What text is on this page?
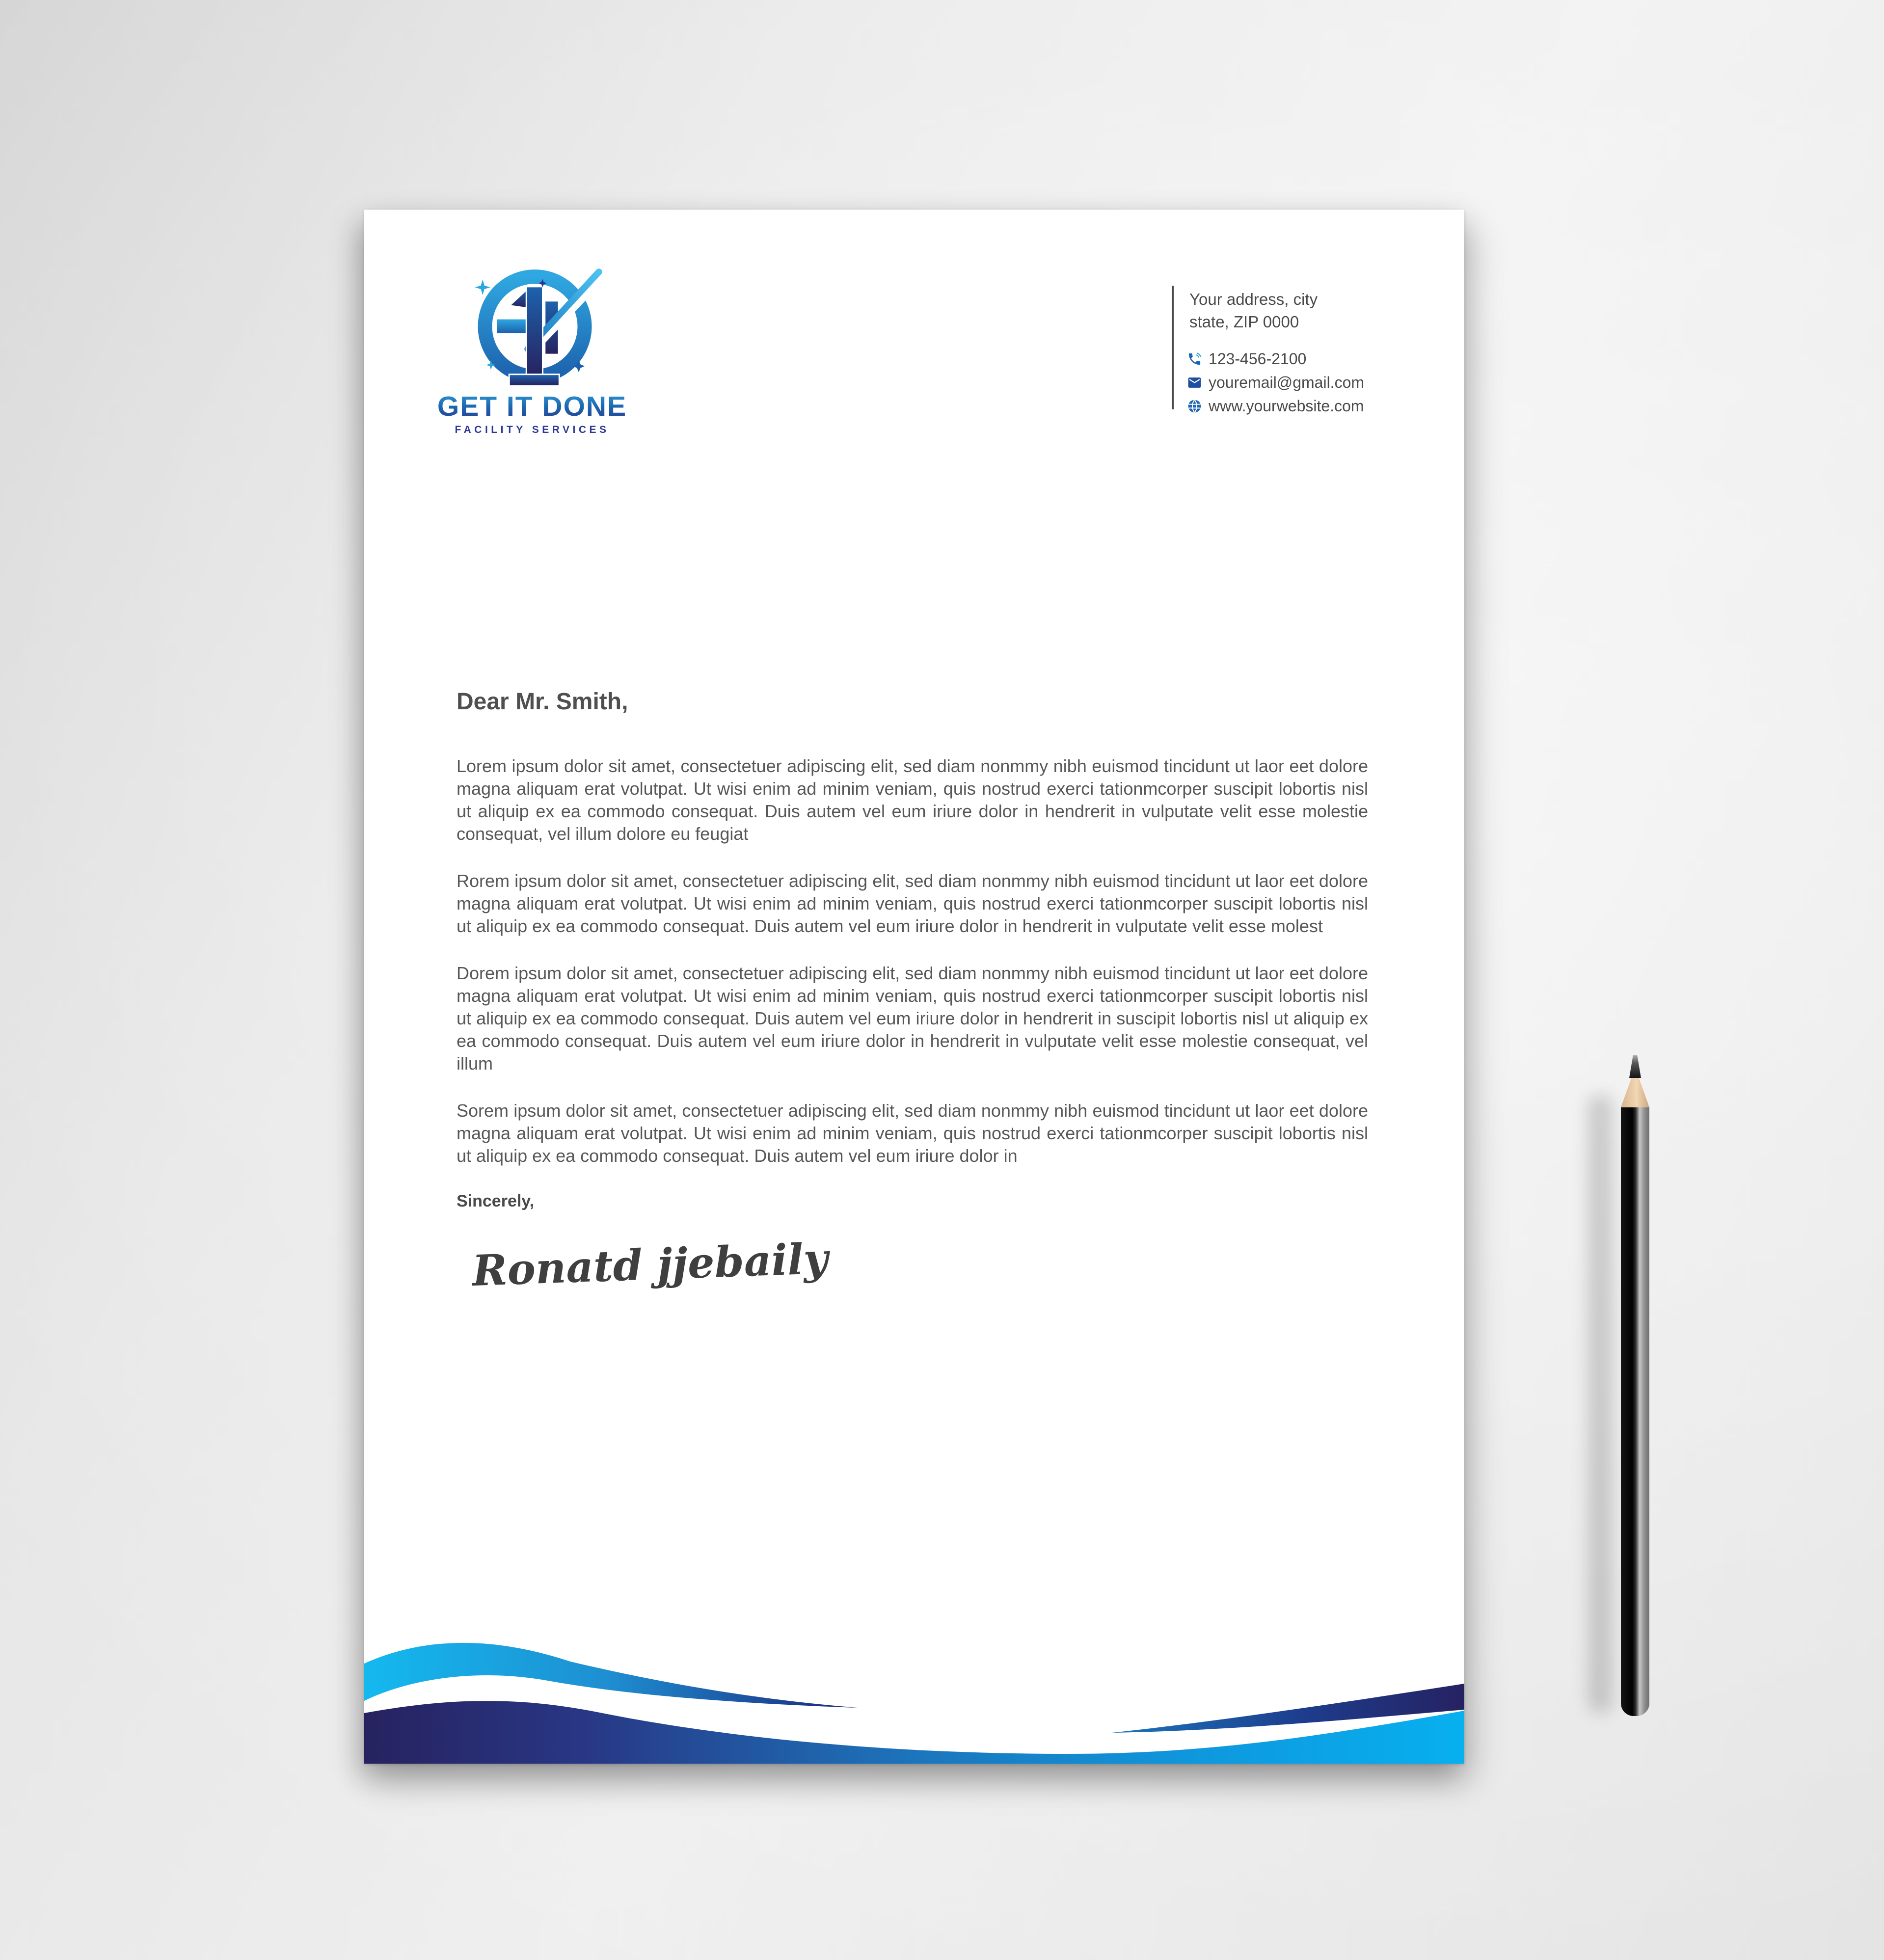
GET IT DONE
FACILITY SERVICES
Your address, city
state, ZIP 0000
123-456-2100
youremail@gmail.com
www.yourwebsite.com
Dear Mr. Smith,

Lorem ipsum dolor sit amet, consectetuer adipiscing elit, sed diam nonmmy nibh euismod tincidunt ut laor eet dolore magna aliquam erat volutpat. Ut wisi enim ad minim veniam, quis nostrud exerci tationmcorper suscipit lobortis nisl ut aliquip ex ea commodo consequat. Duis autem vel eum iriure dolor in hendrerit in vulputate velit esse molestie consequat, vel illum dolore eu feugiat

Rorem ipsum dolor sit amet, consectetuer adipiscing elit, sed diam nonmmy nibh euismod tincidunt ut laor eet dolore magna aliquam erat volutpat. Ut wisi enim ad minim veniam, quis nostrud exerci tationmcorper suscipit lobortis nisl ut aliquip ex ea commodo consequat. Duis autem vel eum iriure dolor in hendrerit in vulputate velit esse molest

Dorem ipsum dolor sit amet, consectetuer adipiscing elit, sed diam nonmmy nibh euismod tincidunt ut laor eet dolore magna aliquam erat volutpat. Ut wisi enim ad minim veniam, quis nostrud exerci tationmcorper suscipit lobortis nisl ut aliquip ex ea commodo consequat. Duis autem vel eum iriure dolor in hendrerit in suscipit lobortis nisl ut aliquip ex ea commodo consequat. Duis autem vel eum iriure dolor in hendrerit in vulputate velit esse molestie consequat, vel illum

Sorem ipsum dolor sit amet, consectetuer adipiscing elit, sed diam nonmmy nibh euismod tincidunt ut laor eet dolore magna aliquam erat volutpat. Ut wisi enim ad minim veniam, quis nostrud exerci tationmcorper suscipit lobortis nisl ut aliquip ex ea commodo consequat. Duis autem vel eum iriure dolor in

Sincerely,
Ronatd jjebaily
